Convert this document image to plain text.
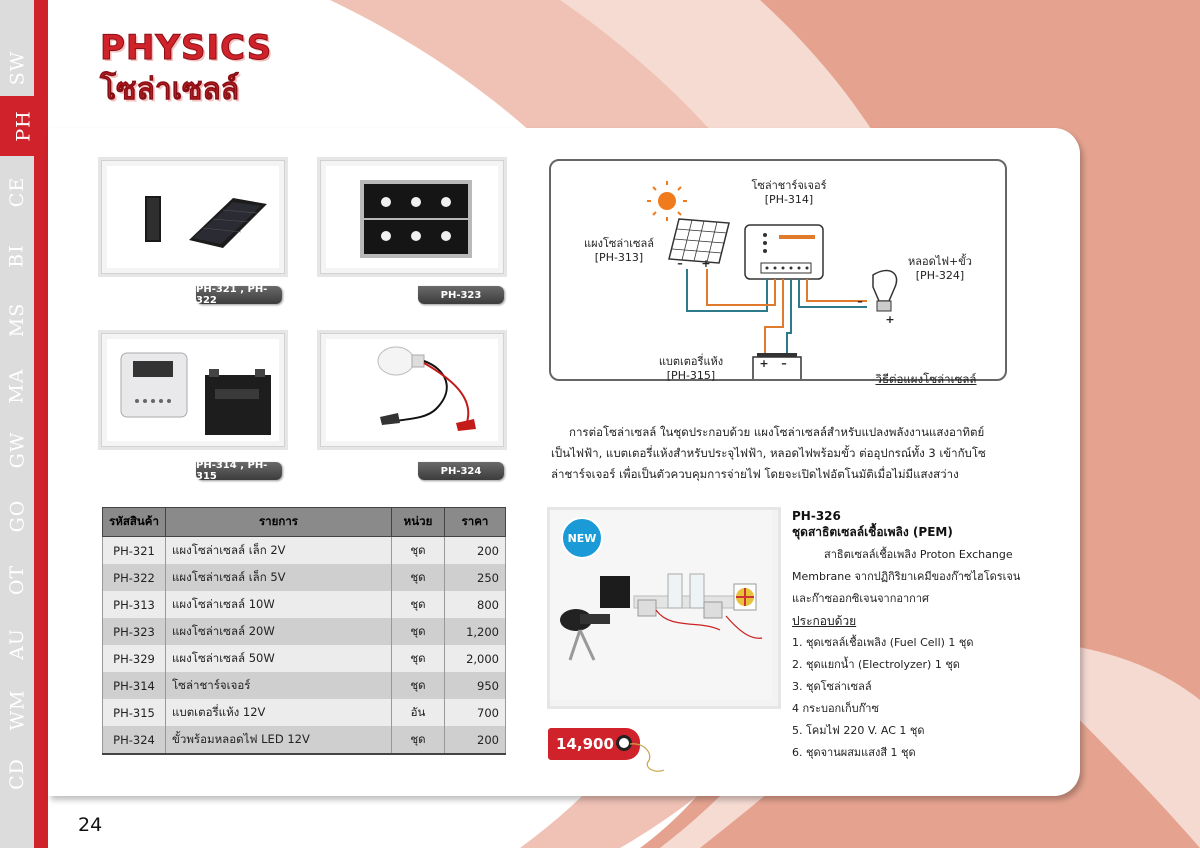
SW
PH
CE
BI
MS
MA
GW
GO
OT
AU
WM
CD
PHYSICS
โซล่าเซลล์
PH-321 , PH-322	PH-323
PH-314 , PH-315	PH-324
โซล่าชาร์จเจอร์
[PH-314]
แผงโซล่าเซลล์
[PH-313]	หลอดไฟ+ขั้ว
[PH-324]
แบตเตอรี่แห้ง
[PH-315]	วิธีต่อแผงโซล่าเซลล์
– +
–
+
+ –
การต่อโซล่าเซลล์ ในชุดประกอบด้วย แผงโซล่าเซลล์สำหรับแปลงพลังงานแสงอาทิตย์เป็นไฟฟ้า, แบตเตอรี่แห้งสำหรับประจุไฟฟ้า, หลอดไฟพร้อมขั้ว ต่ออุปกรณ์ทั้ง 3 เข้ากับโซล่าชาร์จเจอร์ เพื่อเป็นตัวควบคุมการจ่ายไฟ โดยจะเปิดไฟอัตโนมัติเมื่อไม่มีแสงสว่าง
รหัสสินค้า	รายการ	หน่วย	ราคา
PH-321	แผงโซล่าเซลล์ เล็ก 2V	ชุด	200
PH-322	แผงโซล่าเซลล์ เล็ก 5V	ชุด	250
PH-313	แผงโซล่าเซลล์ 10W	ชุด	800
PH-323	แผงโซล่าเซลล์ 20W	ชุด	1,200
PH-329	แผงโซล่าเซลล์ 50W	ชุด	2,000
PH-314	โซล่าชาร์จเจอร์	ชุด	950
PH-315	แบตเตอรี่แห้ง 12V	อัน	700
PH-324	ขั้วพร้อมหลอดไฟ LED 12V	ชุด	200
NEW
14,900
PH-326
ชุดสาธิตเซลล์เชื้อเพลิง (PEM)
สาธิตเซลล์เชื้อเพลิง Proton Exchange
Membrane จากปฏิกิริยาเคมีของก๊าซไฮโดรเจน
และก๊าซออกซิเจนจากอากาศ
ประกอบด้วย
1. ชุดเซลล์เชื้อเพลิง (Fuel Cell) 1 ชุด
2. ชุดแยกน้ำ (Electrolyzer) 1 ชุด
3. ชุดโซล่าเซลล์
4 กระบอกเก็บก๊าซ
5. โคมไฟ 220 V. AC 1 ชุด
6. ชุดจานผสมแสงสี 1 ชุด
24
